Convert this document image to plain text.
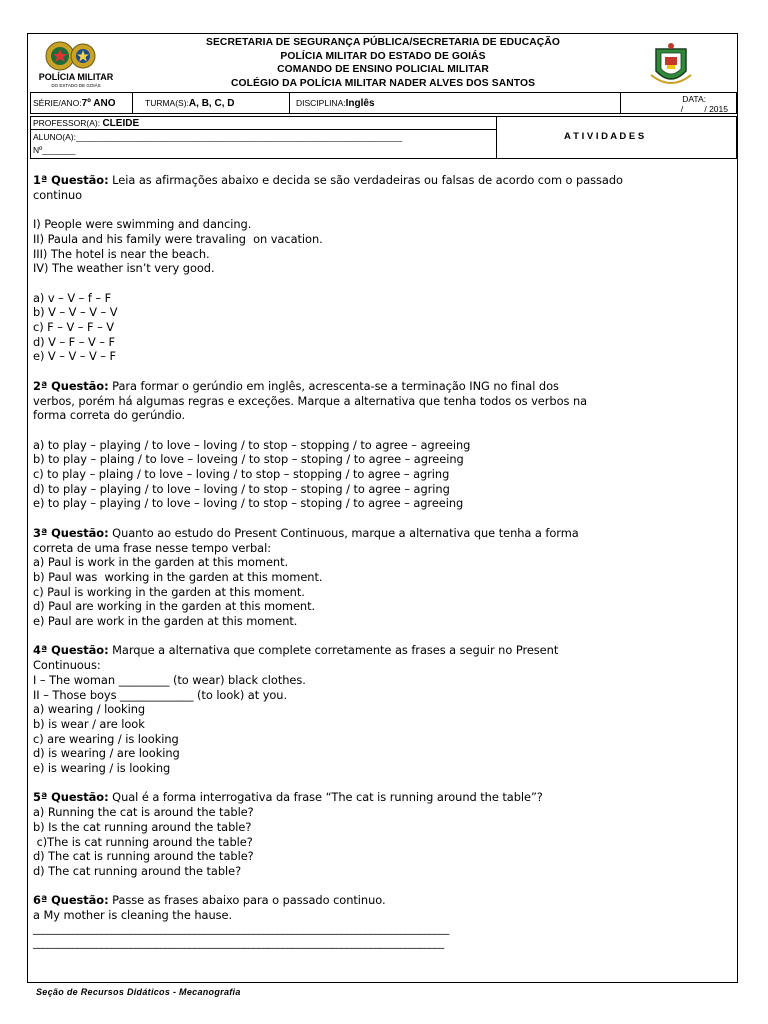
POLÍCIA MILITAR
DO ESTADO DE GOIÁS
SECRETARIA DE SEGURANÇA PÚBLICA/SECRETARIA DE EDUCAÇÃO
POLÍCIA MILITAR DO ESTADO DE GOIÁS
COMANDO DE ENSINO POLICIAL MILITAR
COLÉGIO DA POLÍCIA MILITAR NADER ALVES DOS SANTOS
SÉRIE/ANO:7º ANO	TURMA(S):A, B, C, D	DISCIPLINA:Inglês	DATA:
____/ ____/ 2015
PROFESSOR(A): CLEIDE
ALUNO(A):_____________________________________________________________________
Nº_______
A T I V I D A D E S

1ª Questão: Leia as afirmações abaixo e decida se são verdadeiras ou falsas de acordo com o passado

continuo

I) People were swimming and dancing.

II) Paula and his family were travaling  on vacation.

III) The hotel is near the beach.

IV) The weather isn’t very good.

a) v – V – f – F

b) V – V – V – V

c) F – V – F – V

d) V – F – V – F

e) V – V – V – F

2ª Questão: Para formar o gerúndio em inglês, acrescenta-se a terminação ING no final dos

verbos, porém há algumas regras e exceções. Marque a alternativa que tenha todos os verbos na

forma correta do gerúndio.

a) to play – playing / to love – loving / to stop – stopping / to agree – agreeing

b) to play – plaing / to love – loveing / to stop – stoping / to agree – agreeing

c) to play – plaing / to love – loving / to stop – stopping / to agree – agring

d) to play – playing / to love – loving / to stop – stoping / to agree – agring

e) to play – playing / to love – loving / to stop – stoping / to agree – agreeing

3ª Questão: Quanto ao estudo do Present Continuous, marque a alternativa que tenha a forma

correta de uma frase nesse tempo verbal:

a) Paul is work in the garden at this moment.

b) Paul was  working in the garden at this moment.

c) Paul is working in the garden at this moment.

d) Paul are working in the garden at this moment.

e) Paul are work in the garden at this moment.

4ª Questão: Marque a alternativa que complete corretamente as frases a seguir no Present

Continuous:

I – The woman _________ (to wear) black clothes.

II – Those boys _____________ (to look) at you.

a) wearing / looking

b) is wear / are look

c) are wearing / is looking

d) is wearing / are looking

e) is wearing / is looking

5ª Questão: Qual é a forma interrogativa da frase “The cat is running around the table”?

a) Running the cat is around the table?

b) Is the cat running around the table?

c)The is cat running around the table?

d) The cat is running around the table?

d) The cat running around the table?

6ª Questão: Passe as frases abaixo para o passado continuo.

a My mother is cleaning the hause.

_____________________________________________________________________________________

____________________________________________________________________________________

Seção de Recursos Didáticos - Mecanografia
